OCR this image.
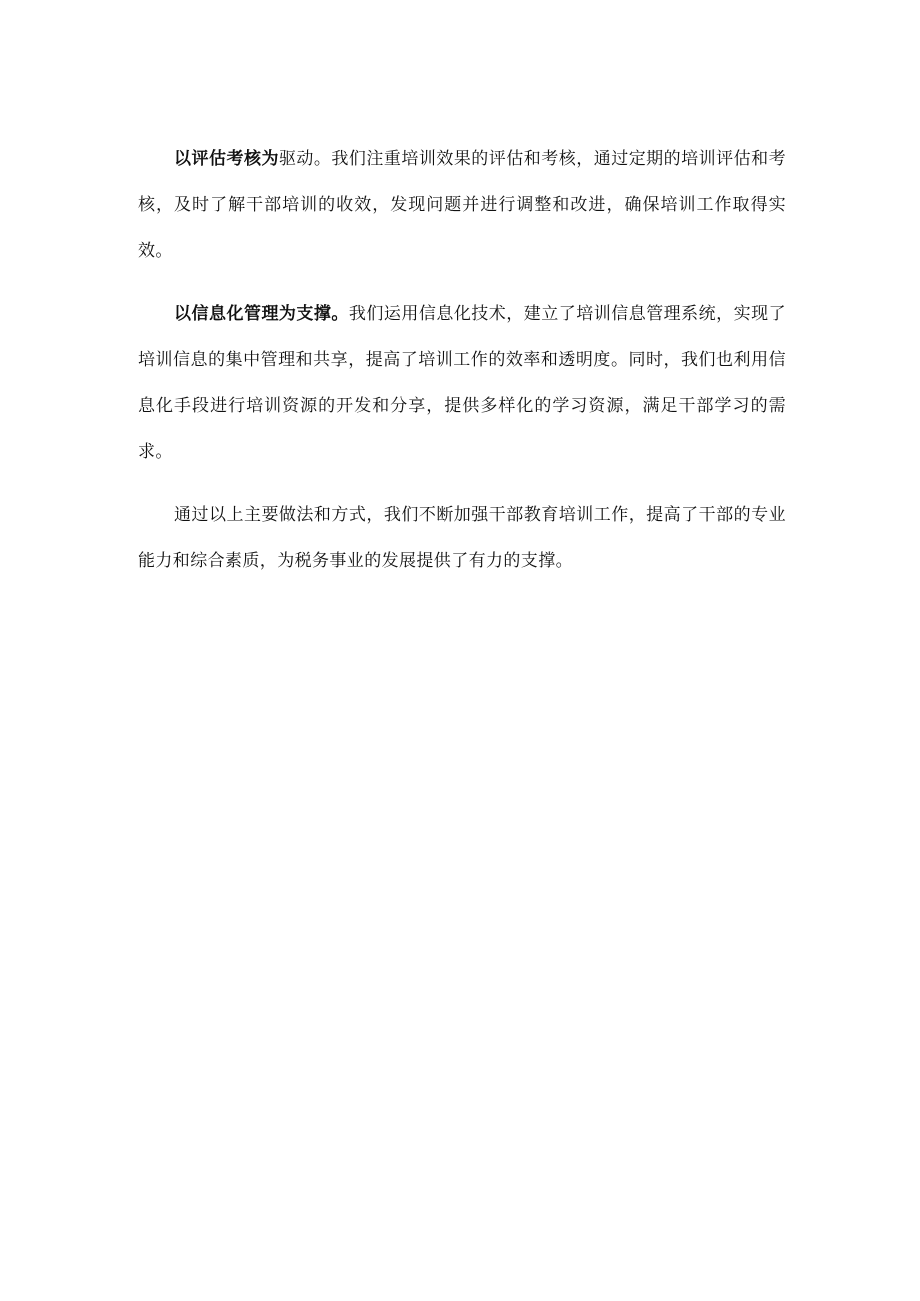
以评估考核为驱动。我们注重培训效果的评估和考核，通过定期的培训评估和考核，及时了解干部培训的收效，发现问题并进行调整和改进，确保培训工作取得实效。

以信息化管理为支撑。我们运用信息化技术，建立了培训信息管理系统，实现了培训信息的集中管理和共享，提高了培训工作的效率和透明度。同时，我们也利用信息化手段进行培训资源的开发和分享，提供多样化的学习资源，满足干部学习的需求。

通过以上主要做法和方式，我们不断加强干部教育培训工作，提高了干部的专业能力和综合素质，为税务事业的发展提供了有力的支撑。
